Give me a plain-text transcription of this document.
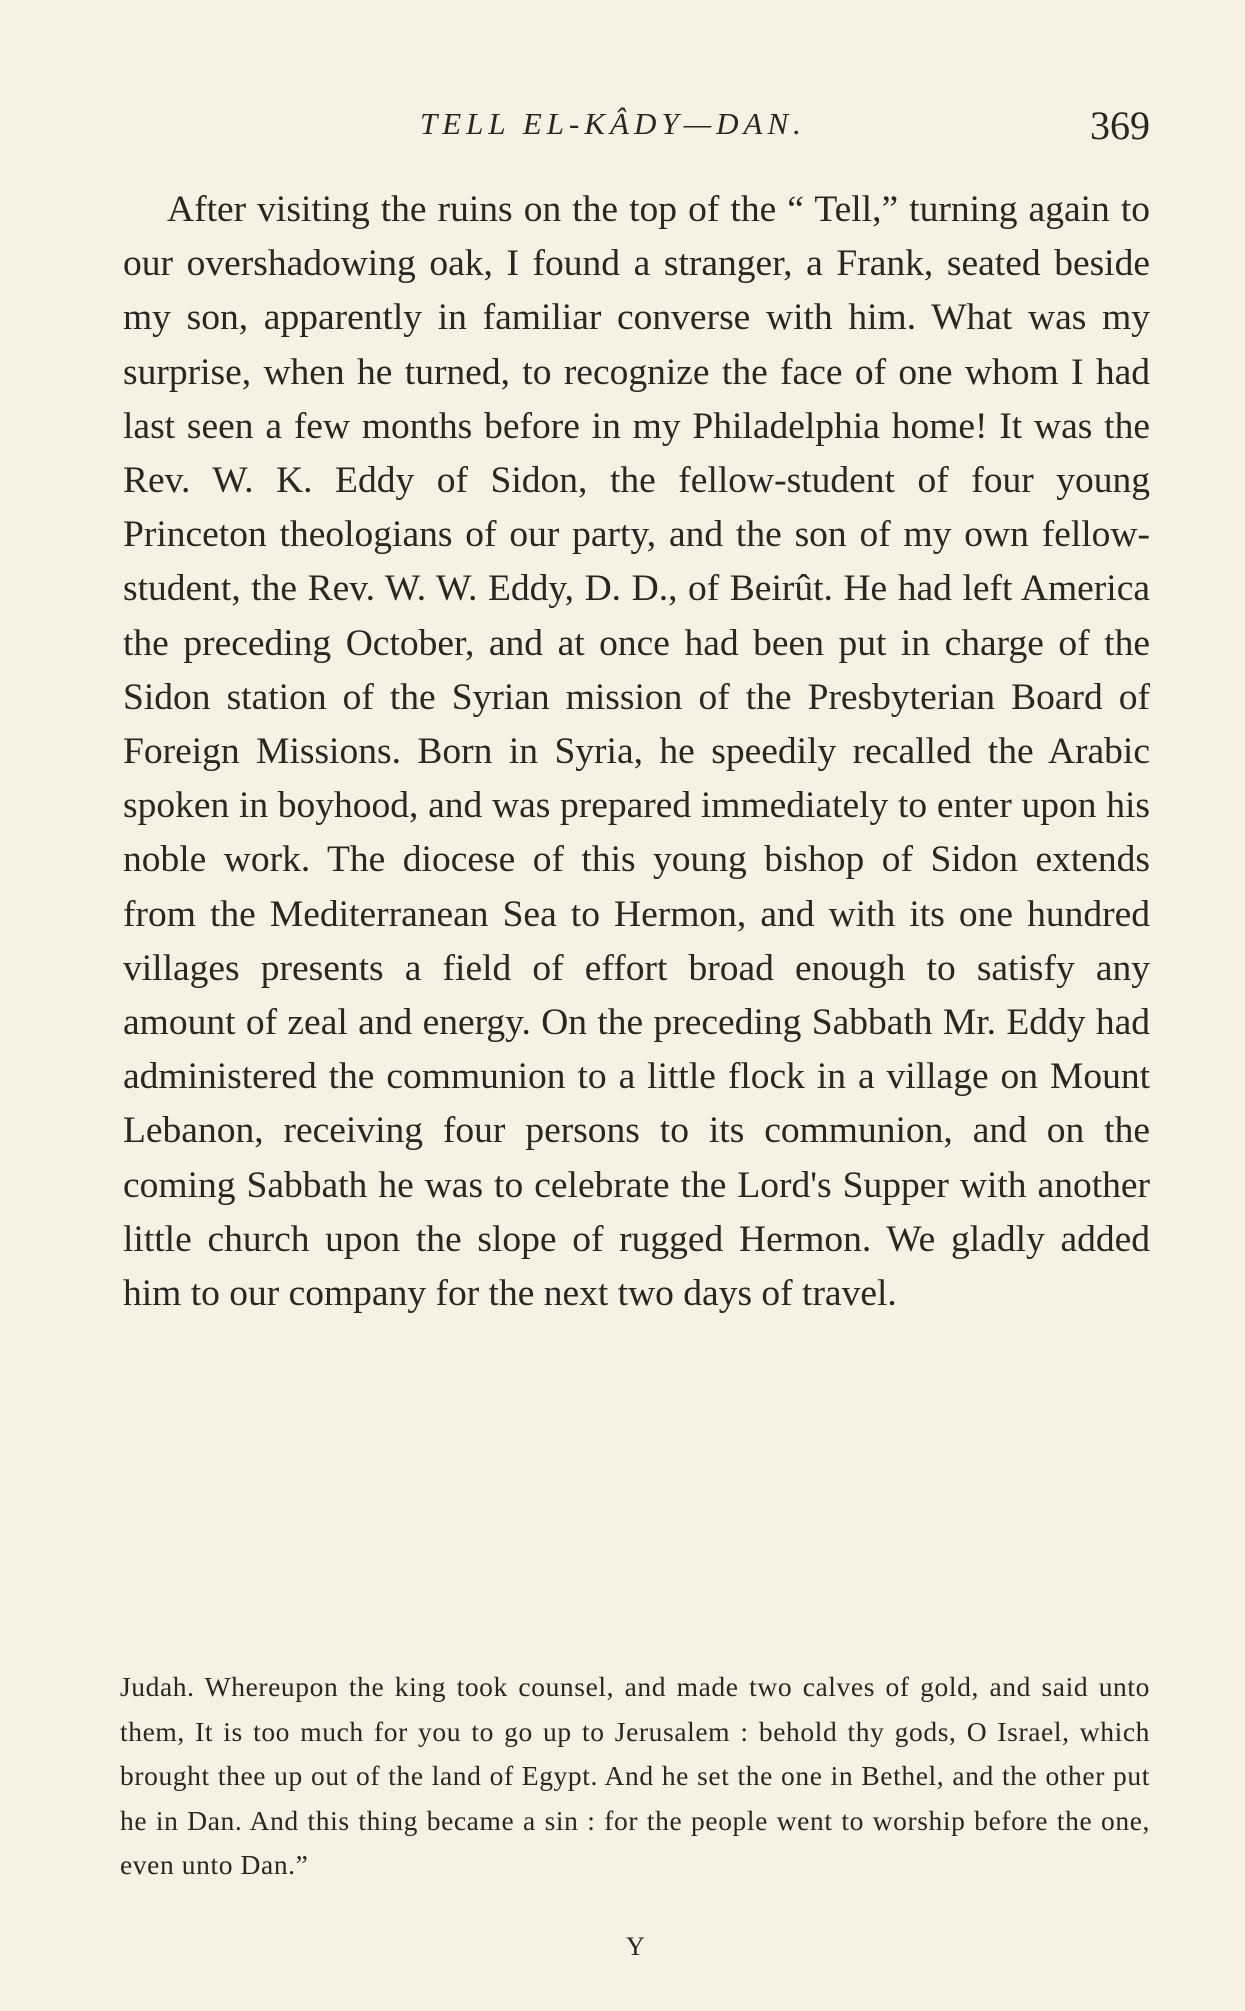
TELL EL-KÂDY—DAN.	369

After visiting the ruins on the top of the “ Tell,” turning again to our overshadowing oak, I found a stranger, a Frank, seated beside my son, apparently in familiar converse with him. What was my surprise, when he turned, to recognize the face of one whom I had last seen a few months before in my Philadelphia home! It was the Rev. W. K. Eddy of Sidon, the fellow-student of four young Princeton theologians of our party, and the son of my own fellow-student, the Rev. W. W. Eddy, D. D., of Beirût. He had left America the preceding October, and at once had been put in charge of the Sidon station of the Syrian mission of the Presbyterian Board of Foreign Missions. Born in Syria, he speedily recalled the Arabic spoken in boyhood, and was prepared immediately to enter upon his noble work. The diocese of this young bishop of Sidon extends from the Mediterranean Sea to Hermon, and with its one hundred villages presents a field of effort broad enough to satisfy any amount of zeal and energy. On the preceding Sabbath Mr. Eddy had administered the communion to a little flock in a village on Mount Lebanon, receiving four persons to its communion, and on the coming Sabbath he was to celebrate the Lord's Supper with another little church upon the slope of rugged Hermon. We gladly added him to our company for the next two days of travel.

Judah. Whereupon the king took counsel, and made two calves of gold, and said unto them, It is too much for you to go up to Jerusalem : behold thy gods, O Israel, which brought thee up out of the land of Egypt. And he set the one in Bethel, and the other put he in Dan. And this thing became a sin : for the people went to worship before the one, even unto Dan.”

Y
